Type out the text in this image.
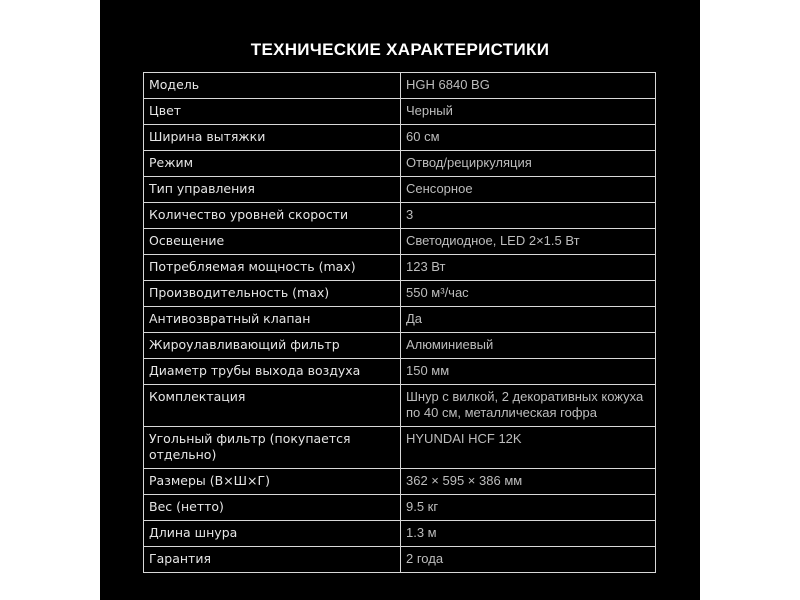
ТЕХНИЧЕСКИЕ ХАРАКТЕРИСТИКИ
Модель	HGH 6840 BG
Цвет	Черный
Ширина вытяжки	60 см
Режим	Отвод/рециркуляция
Тип управления	Сенсорное
Количество уровней скорости	3
Освещение	Светодиодное, LED 2×1.5 Вт
Потребляемая мощность (max)	123 Вт
Производительность (max)	550 м³/час
Антивозвратный клапан	Да
Жироулавливающий фильтр	Алюминиевый
Диаметр трубы выхода воздуха	150 мм
Комплектация	Шнур с вилкой, 2 декоративных кожуха по 40 см, металлическая гофра
Угольный фильтр (покупается отдельно)	HYUNDAI HCF 12K
Размеры (В×Ш×Г)	362 × 595 × 386 мм
Вес (нетто)	9.5 кг
Длина шнура	1.3 м
Гарантия	2 года
